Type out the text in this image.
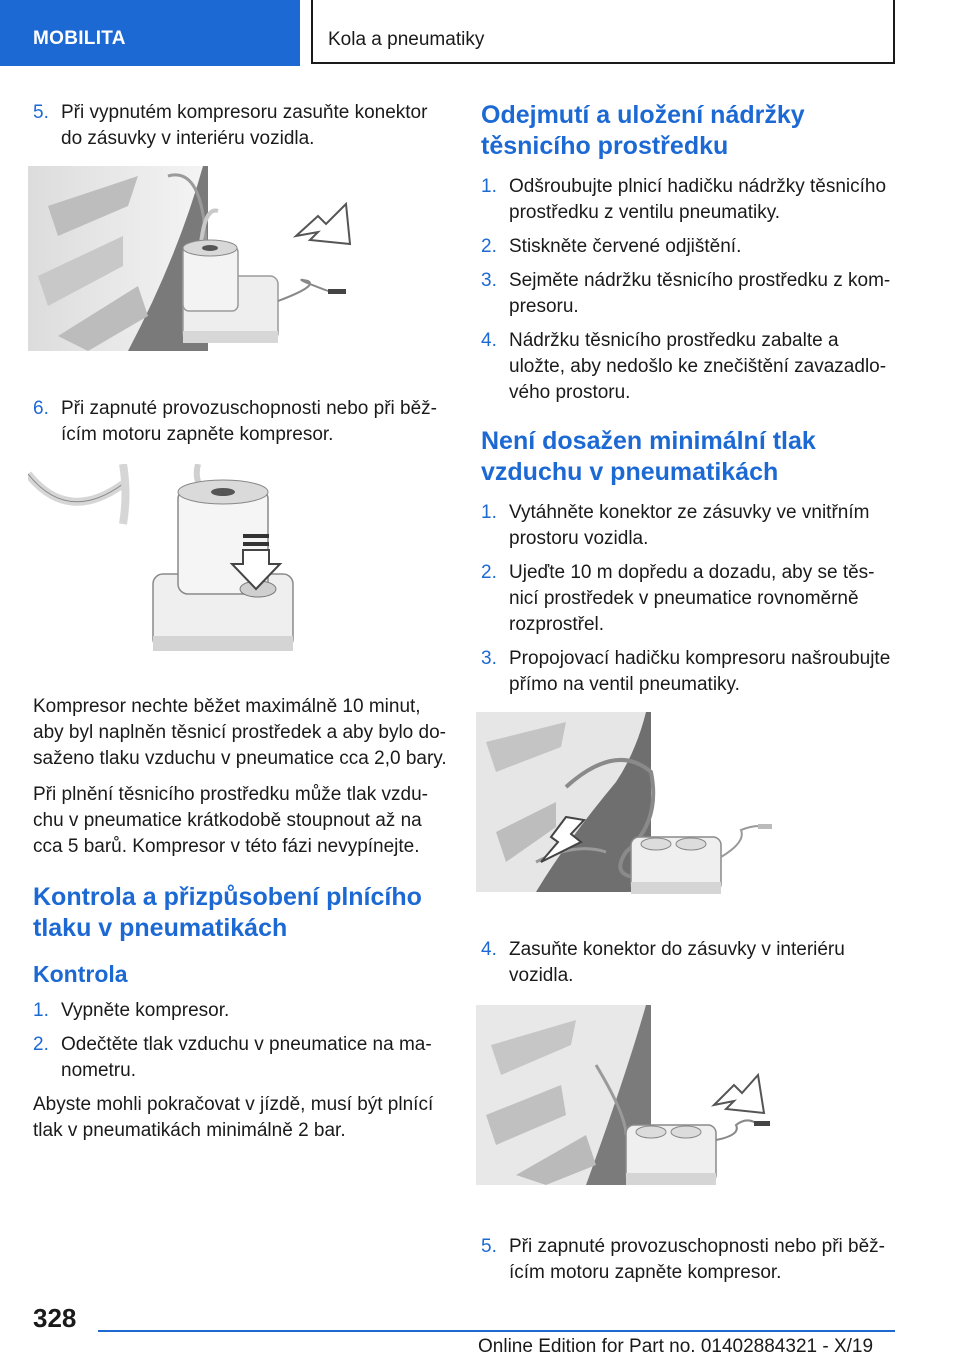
MOBILITA	Kola a pneumatiky
5. Při vypnutém kompresoru zasuňte konektor do zásuvky v interiéru vozidla.
6. Při zapnuté provozuschopnosti nebo při běž‐ ícím motoru zapněte kompresor.

Kompresor nechte běžet maximálně 10 minut, aby byl naplněn těsnicí prostředek a aby bylo do‐ saženo tlaku vzduchu v pneumatice cca 2,0 bary.

Při plnění těsnicího prostředku může tlak vzdu‐ chu v pneumatice krátkodobě stoupnout až na cca 5 barů. Kompresor v této fázi nevypínejte.

Kontrola a přizpůsobení plnícího tlaku v pneumatikách
Kontrola
1. Vypněte kompresor.
2. Odečtěte tlak vzduchu v pneumatice na ma‐ nometru.

Abyste mohli pokračovat v jízdě, musí být plnící tlak v pneumatikách minimálně 2 bar.

Odejmutí a uložení nádržky těsnicího prostředku
1. Odšroubujte plnicí hadičku nádržky těsnicího prostředku z ventilu pneumatiky.
2. Stiskněte červené odjištění.
3. Sejměte nádržku těsnicího prostředku z kom‐ presoru.
4. Nádržku těsnicího prostředku zabalte a uložte, aby nedošlo ke znečištění zavazadlo‐ vého prostoru.
Není dosažen minimální tlak vzduchu v pneumatikách
1. Vytáhněte konektor ze zásuvky ve vnitřním prostoru vozidla.
2. Ujeďte 10 m dopředu a dozadu, aby se těs‐ nicí prostředek v pneumatice rovnoměrně rozprostřel.
3. Propojovací hadičku kompresoru našroubujte přímo na ventil pneumatiky.
4. Zasuňte konektor do zásuvky v interiéru vozidla.
5. Při zapnuté provozuschopnosti nebo při běž‐ ícím motoru zapněte kompresor.
328
Online Edition for Part no. 01402884321 - X/19
